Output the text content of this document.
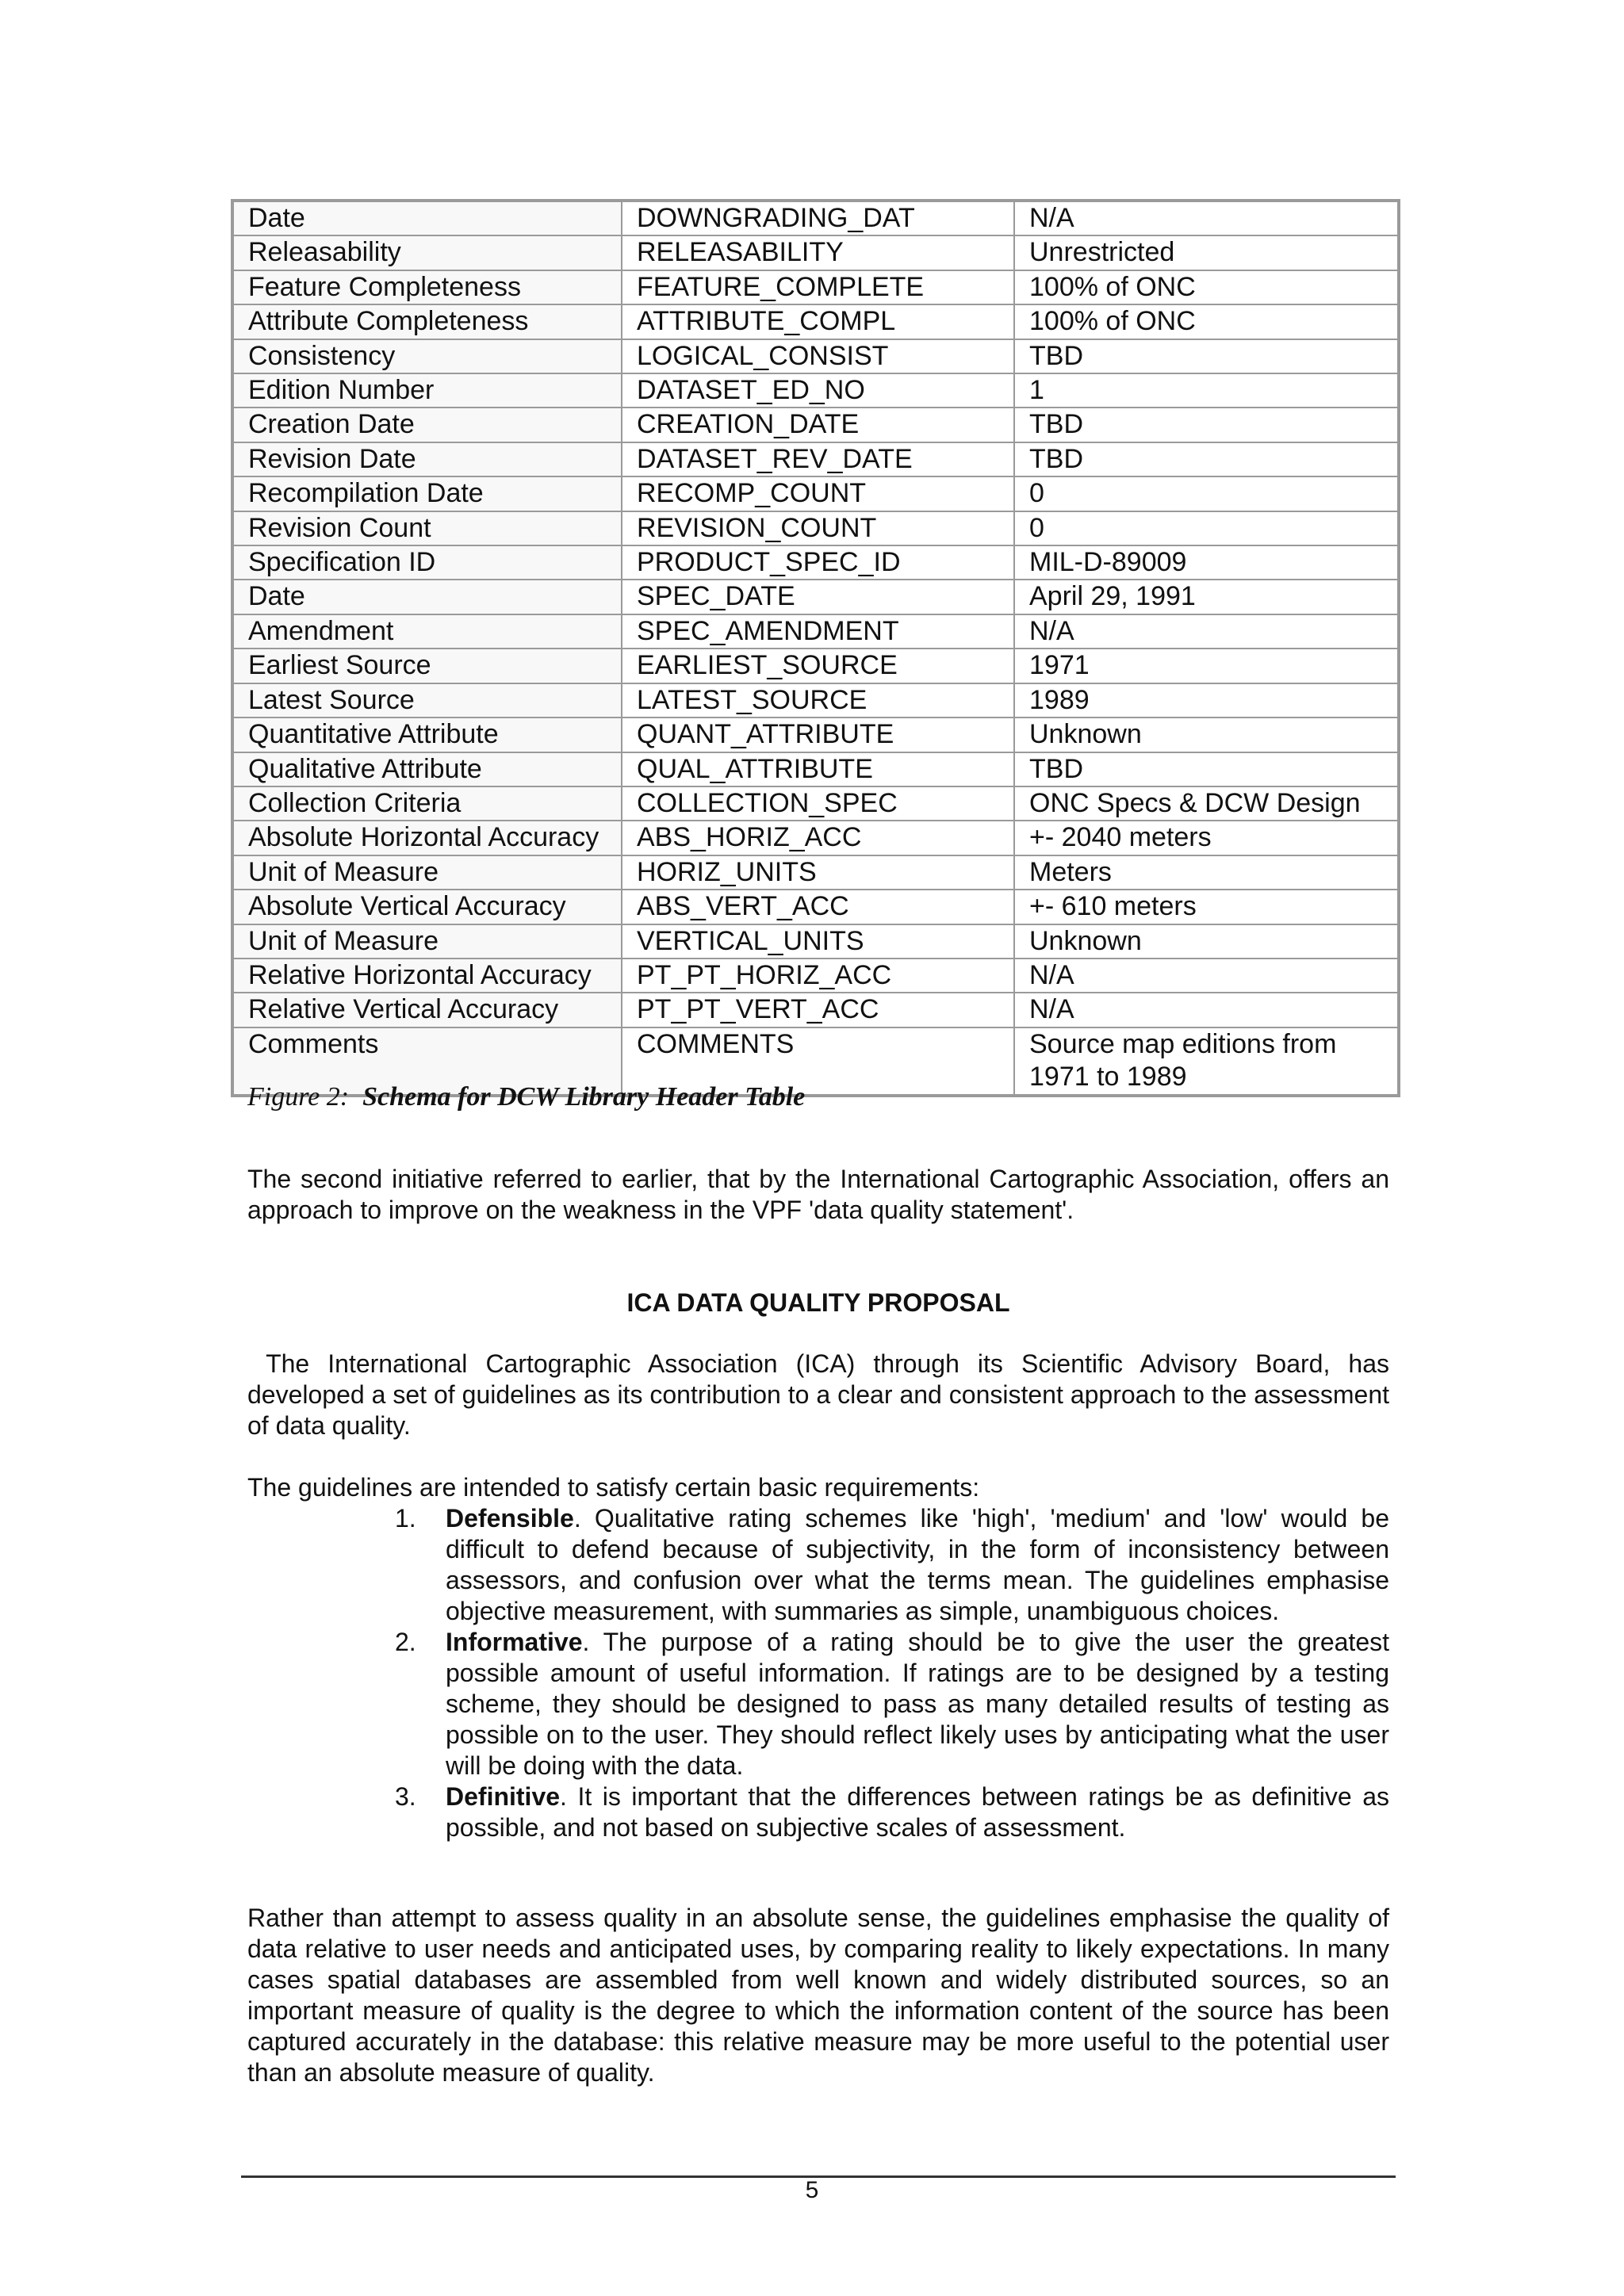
Date	DOWNGRADING_DAT	N/A
Releasability	RELEASABILITY	Unrestricted
Feature Completeness	FEATURE_COMPLETE	100% of ONC
Attribute Completeness	ATTRIBUTE_COMPL	100% of ONC
Consistency	LOGICAL_CONSIST	TBD
Edition Number	DATASET_ED_NO	1
Creation Date	CREATION_DATE	TBD
Revision Date	DATASET_REV_DATE	TBD
Recompilation Date	RECOMP_COUNT	0
Revision Count	REVISION_COUNT	0
Specification ID	PRODUCT_SPEC_ID	MIL-D-89009
Date	SPEC_DATE	April 29, 1991
Amendment	SPEC_AMENDMENT	N/A
Earliest Source	EARLIEST_SOURCE	1971
Latest Source	LATEST_SOURCE	1989
Quantitative Attribute	QUANT_ATTRIBUTE	Unknown
Qualitative Attribute	QUAL_ATTRIBUTE	TBD
Collection Criteria	COLLECTION_SPEC	ONC Specs & DCW Design
Absolute Horizontal Accuracy	ABS_HORIZ_ACC	+- 2040 meters
Unit of Measure	HORIZ_UNITS	Meters
Absolute Vertical Accuracy	ABS_VERT_ACC	+- 610 meters
Unit of Measure	VERTICAL_UNITS	Unknown
Relative Horizontal Accuracy	PT_PT_HORIZ_ACC	N/A
Relative Vertical Accuracy	PT_PT_VERT_ACC	N/A
Comments	COMMENTS	Source map editions from 1971 to 1989
Figure 2: Schema for DCW Library Header Table

The second initiative referred to earlier, that by the International Cartographic Association, offers an approach to improve on the weakness in the VPF 'data quality statement'.

ICA DATA QUALITY PROPOSAL

The International Cartographic Association (ICA) through its Scientific Advisory Board, has developed a set of guidelines as its contribution to a clear and consistent approach to the assessment of data quality.

The guidelines are intended to satisfy certain basic requirements:

1. Defensible. Qualitative rating schemes like 'high', 'medium' and 'low' would be difficult to defend because of subjectivity, in the form of inconsistency between assessors, and confusion over what the terms mean. The guidelines emphasise objective measurement, with summaries as simple, unambiguous choices.
2. Informative. The purpose of a rating should be to give the user the greatest possible amount of useful information. If ratings are to be designed by a testing scheme, they should be designed to pass as many detailed results of testing as possible on to the user. They should reflect likely uses by anticipating what the user will be doing with the data.
3. Definitive. It is important that the differences between ratings be as definitive as possible, and not based on subjective scales of assessment.

Rather than attempt to assess quality in an absolute sense, the guidelines emphasise the quality of data relative to user needs and anticipated uses, by comparing reality to likely expectations. In many cases spatial databases are assembled from well known and widely distributed sources, so an important measure of quality is the degree to which the information content of the source has been captured accurately in the database: this relative measure may be more useful to the potential user than an absolute measure of quality.

5
